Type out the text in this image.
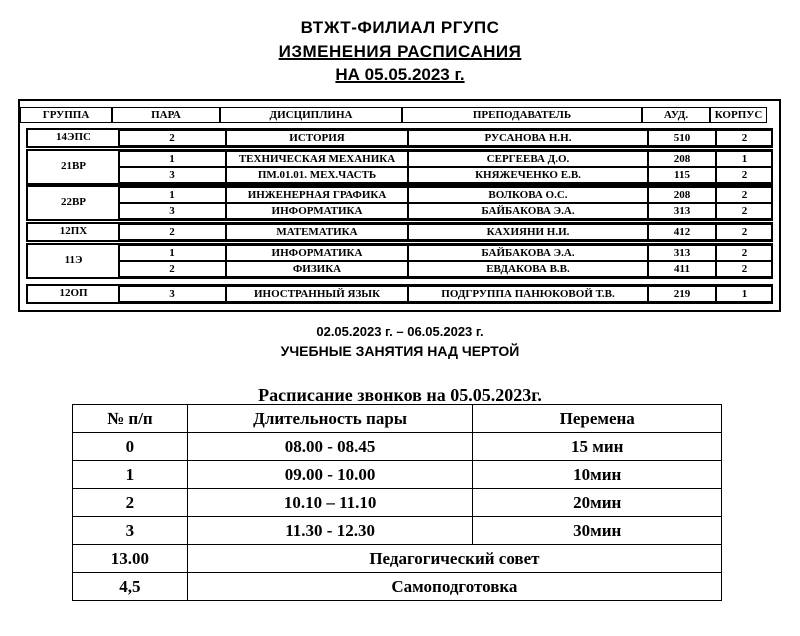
ВТЖТ-ФИЛИАЛ РГУПС
ИЗМЕНЕНИЯ РАСПИСАНИЯ
НА 05.05.2023 г.
ГРУППА	ПАРА	ДИСЦИПЛИНА	ПРЕПОДАВАТЕЛЬ	АУД.	КОРПУС
14ЭПС	2	ИСТОРИЯ	РУСАНОВА Н.Н.	510	2
21ВР
1	ТЕХНИЧЕСКАЯ МЕХАНИКА	СЕРГЕЕВА Д.О.	208	1
3	ПМ.01.01. МЕХ.ЧАСТЬ	КНЯЖЕЧЕНКО Е.В.	115	2
22ВР
1	ИНЖЕНЕРНАЯ ГРАФИКА	ВОЛКОВА О.С.	208	2
3	ИНФОРМАТИКА	БАЙБАКОВА Э.А.	313	2
12ПХ	2	МАТЕМАТИКА	КАХИЯНИ Н.И.	412	2
11Э
1	ИНФОРМАТИКА	БАЙБАКОВА Э.А.	313	2
2	ФИЗИКА	ЕВДАКОВА В.В.	411	2
12ОП	3	ИНОСТРАННЫЙ ЯЗЫК	ПОДГРУППА ПАНЮКОВОЙ Т.В.	219	1
02.05.2023 г. – 06.05.2023 г.
УЧЕБНЫЕ ЗАНЯТИЯ НАД ЧЕРТОЙ
Расписание звонков на 05.05.2023г.
№ п/п	Длительность пары	Перемена
0	08.00 - 08.45	15 мин
1	09.00 - 10.00	10мин
2	10.10 – 11.10	20мин
3	11.30 - 12.30	30мин
13.00	Педагогический совет	
4,5	Самоподготовка	
